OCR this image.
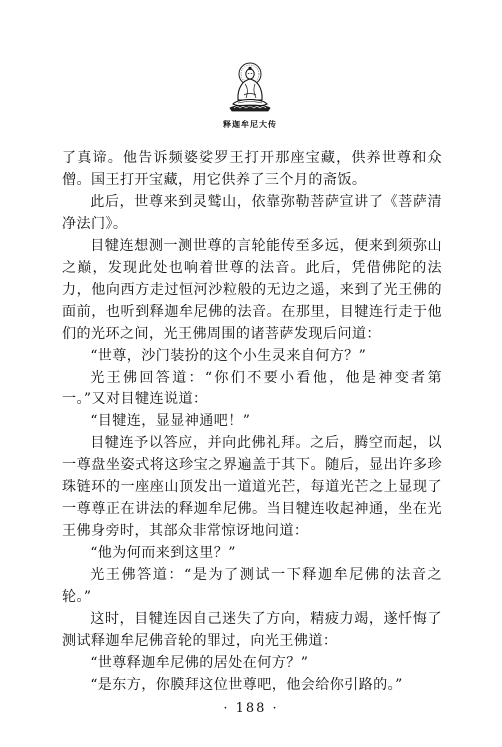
释迦牟尼大传

了真谛。他告诉频婆娑罗王打开那座宝藏，供养世尊和众僧。国王打开宝藏，用它供养了三个月的斋饭。

此后，世尊来到灵鹫山，依靠弥勒菩萨宣讲了《菩萨清净法门》。

目犍连想测一测世尊的言轮能传至多远，便来到须弥山之巅，发现此处也响着世尊的法音。此后，凭借佛陀的法力，他向西方走过恒河沙粒般的无边之遥，来到了光王佛的面前，也听到释迦牟尼佛的法音。在那里，目犍连行走于他们的光环之间，光王佛周围的诸菩萨发现后问道：

“世尊，沙门装扮的这个小生灵来自何方？”

光王佛回答道：“你们不要小看他，他是神变者第一。”又对目犍连说道：

“目犍连，显显神通吧！”

目犍连予以答应，并向此佛礼拜。之后，腾空而起，以一尊盘坐姿式将这珍宝之界遍盖于其下。随后，显出许多珍珠链环的一座座山顶发出一道道光芒，每道光芒之上显现了一尊尊正在讲法的释迦牟尼佛。当目犍连收起神通，坐在光王佛身旁时，其部众非常惊讶地问道：

“他为何而来到这里？”

光王佛答道：“是为了测试一下释迦牟尼佛的法音之轮。”

这时，目犍连因自己迷失了方向，精疲力竭，遂忏悔了测试释迦牟尼佛音轮的罪过，向光王佛道：

“世尊释迦牟尼佛的居处在何方？”

“是东方，你膜拜这位世尊吧，他会给你引路的。”

· 188 ·
